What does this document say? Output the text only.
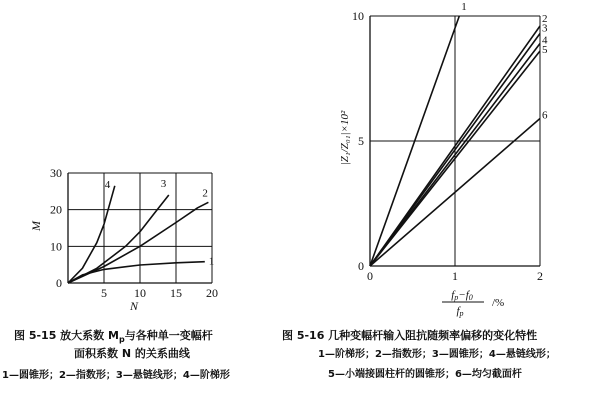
1
2
3
4
5 10 15 20
0
10
20
30
N
M
1
2
3
4
5
6
0	1	2
0
5
10
|Z₁/Z₀₁|×10²
fp−f0
fp
/%
图 5-15 放大系数 $M_p$与各种单一变幅杆
面积系数 N 的关系曲线
1—圆锥形；2—指数形；3—悬链线形；4—阶梯形
图 5-16 几种变幅杆输入阻抗随频率偏移的变化特性
1—阶梯形；2—指数形；3—圆锥形；4—悬链线形；
5—小端接圆柱杆的圆锥形；6—均匀截面杆
